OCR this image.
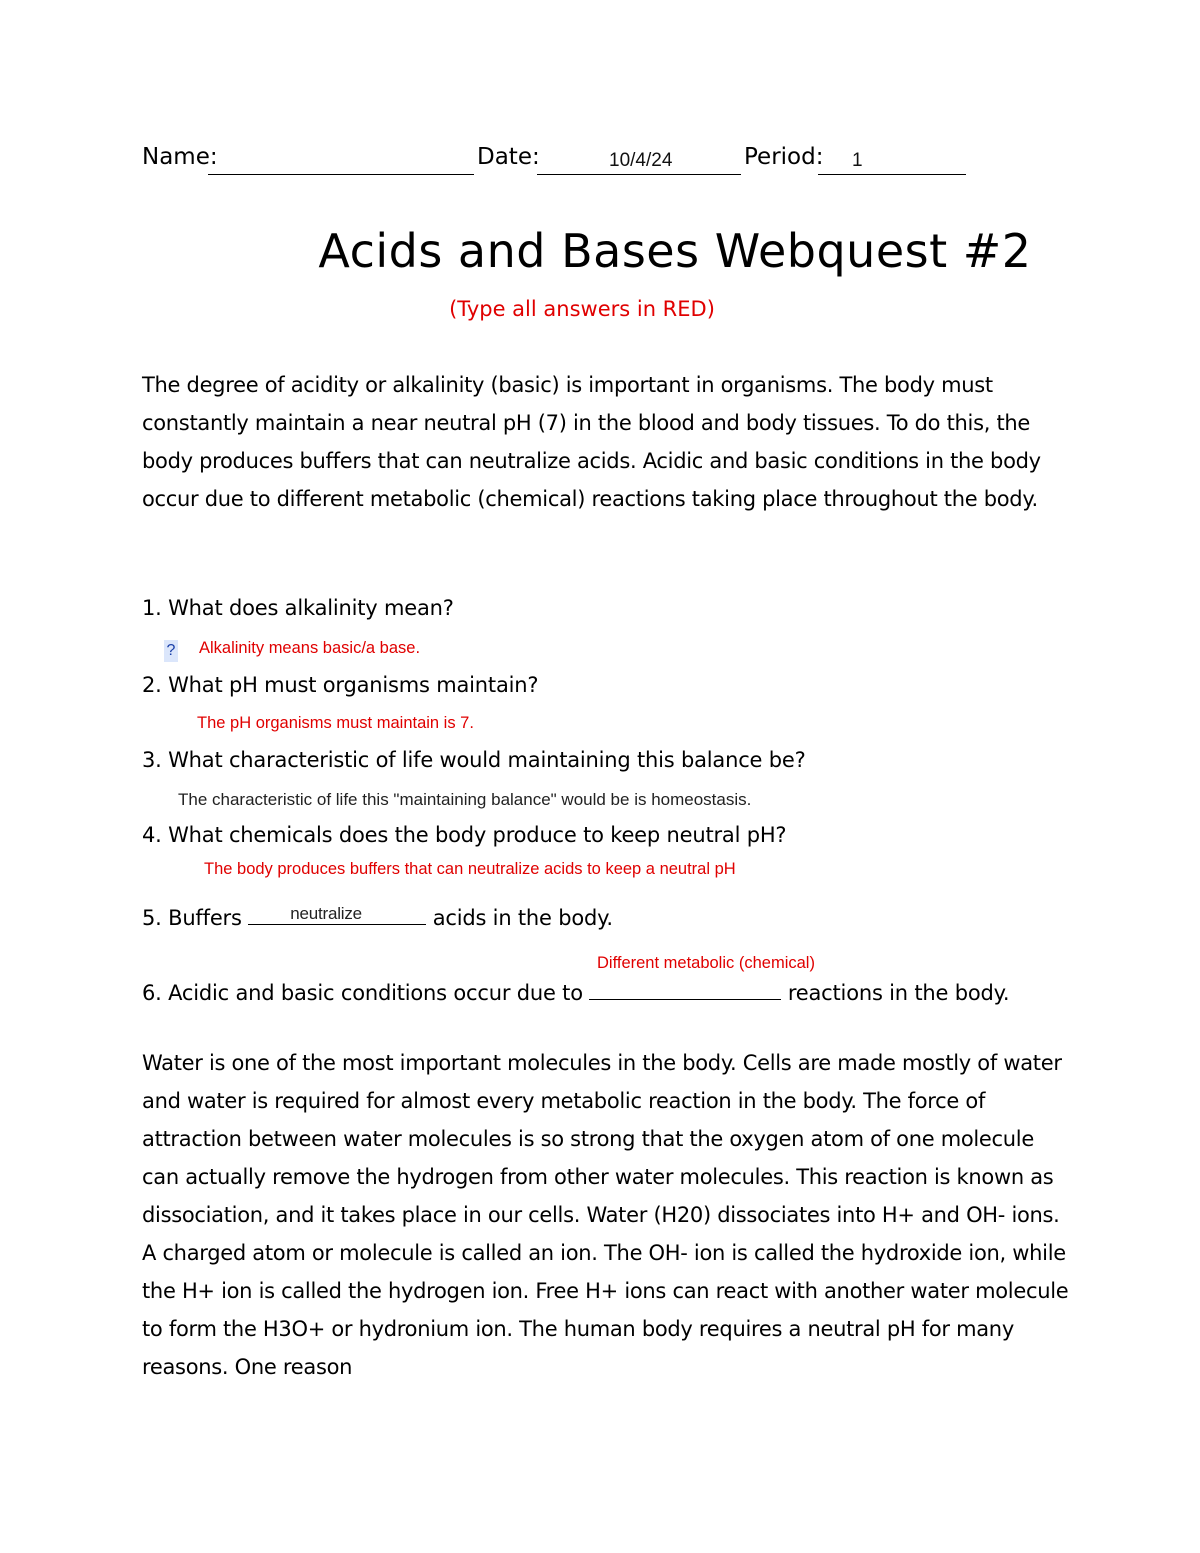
Name:	Date:	10/4/24	Period: 1
Acids and Bases Webquest #2
(Type all answers in RED)
The degree of acidity or alkalinity (basic) is important in organisms. The body must constantly maintain a near neutral pH (7) in the blood and body tissues. To do this, the body produces buffers that can neutralize acids. Acidic and basic conditions in the body occur due to different metabolic (chemical) reactions taking place throughout the body.
1. What does alkalinity mean?
? Alkalinity means basic/a base.
2. What pH must organisms maintain?
The pH organisms must maintain is 7.
3. What characteristic of life would maintaining this balance be?
The characteristic of life this "maintaining balance" would be is homeostasis.
4. What chemicals does the body produce to keep neutral pH?
The body produces buffers that can neutralize acids to keep a neutral pH
5. Buffers	neutralize	acids in the body.
Different metabolic (chemical)
6. Acidic and basic conditions occur due to	reactions in the body.
Water is one of the most important molecules in the body. Cells are made mostly of water and water is required for almost every metabolic reaction in the body. The force of attraction between water molecules is so strong that the oxygen atom of one molecule can actually remove the hydrogen from other water molecules. This reaction is known as dissociation, and it takes place in our cells. Water (H20) dissociates into H+ and OH- ions. A charged atom or molecule is called an ion. The OH- ion is called the hydroxide ion, while the H+ ion is called the hydrogen ion. Free H+ ions can react with another water molecule to form the H3O+ or hydronium ion. The human body requires a neutral pH for many reasons. One reason
